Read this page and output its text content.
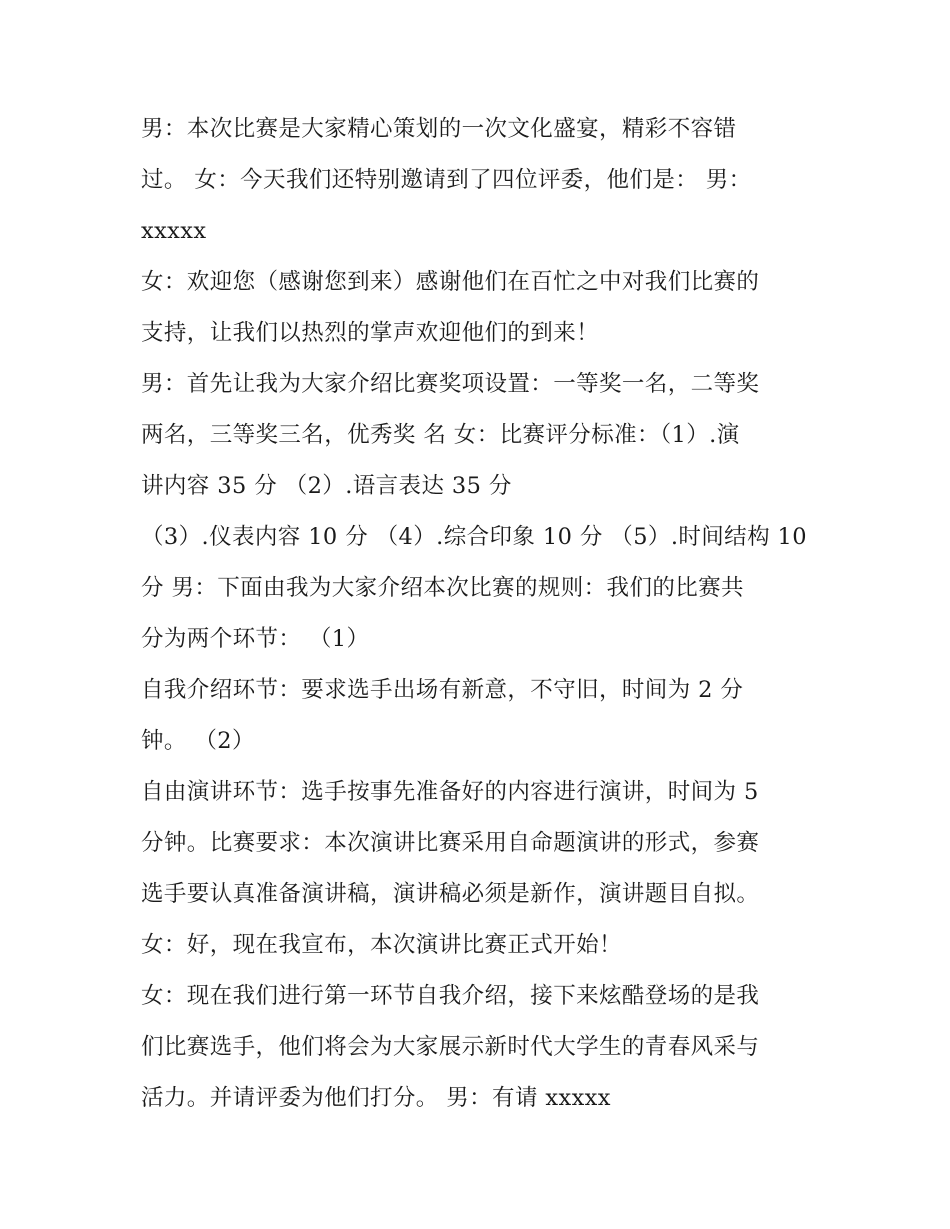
男：本次比赛是大家精心策划的一次文化盛宴，精彩不容错
过。 女：今天我们还特别邀请到了四位评委，他们是： 男：
xxxxx
女：欢迎您（感谢您到来）感谢他们在百忙之中对我们比赛的
支持，让我们以热烈的掌声欢迎他们的到来！
男：首先让我为大家介绍比赛奖项设置：一等奖一名，二等奖
两名，三等奖三名，优秀奖 名 女：比赛评分标准：（1）.演
讲内容 35 分 （2）.语言表达 35 分
（3）.仪表内容 10 分 （4）.综合印象 10 分 （5）.时间结构 10
分 男：下面由我为大家介绍本次比赛的规则：我们的比赛共
分为两个环节： （1）
自我介绍环节：要求选手出场有新意，不守旧，时间为 2 分
钟。 （2）
自由演讲环节：选手按事先准备好的内容进行演讲，时间为 5
分钟。比赛要求：本次演讲比赛采用自命题演讲的形式，参赛
选手要认真准备演讲稿，演讲稿必须是新作，演讲题目自拟。
女：好，现在我宣布，本次演讲比赛正式开始！
女：现在我们进行第一环节自我介绍，接下来炫酷登场的是我
们比赛选手，他们将会为大家展示新时代大学生的青春风采与
活力。并请评委为他们打分。 男：有请 xxxxx
